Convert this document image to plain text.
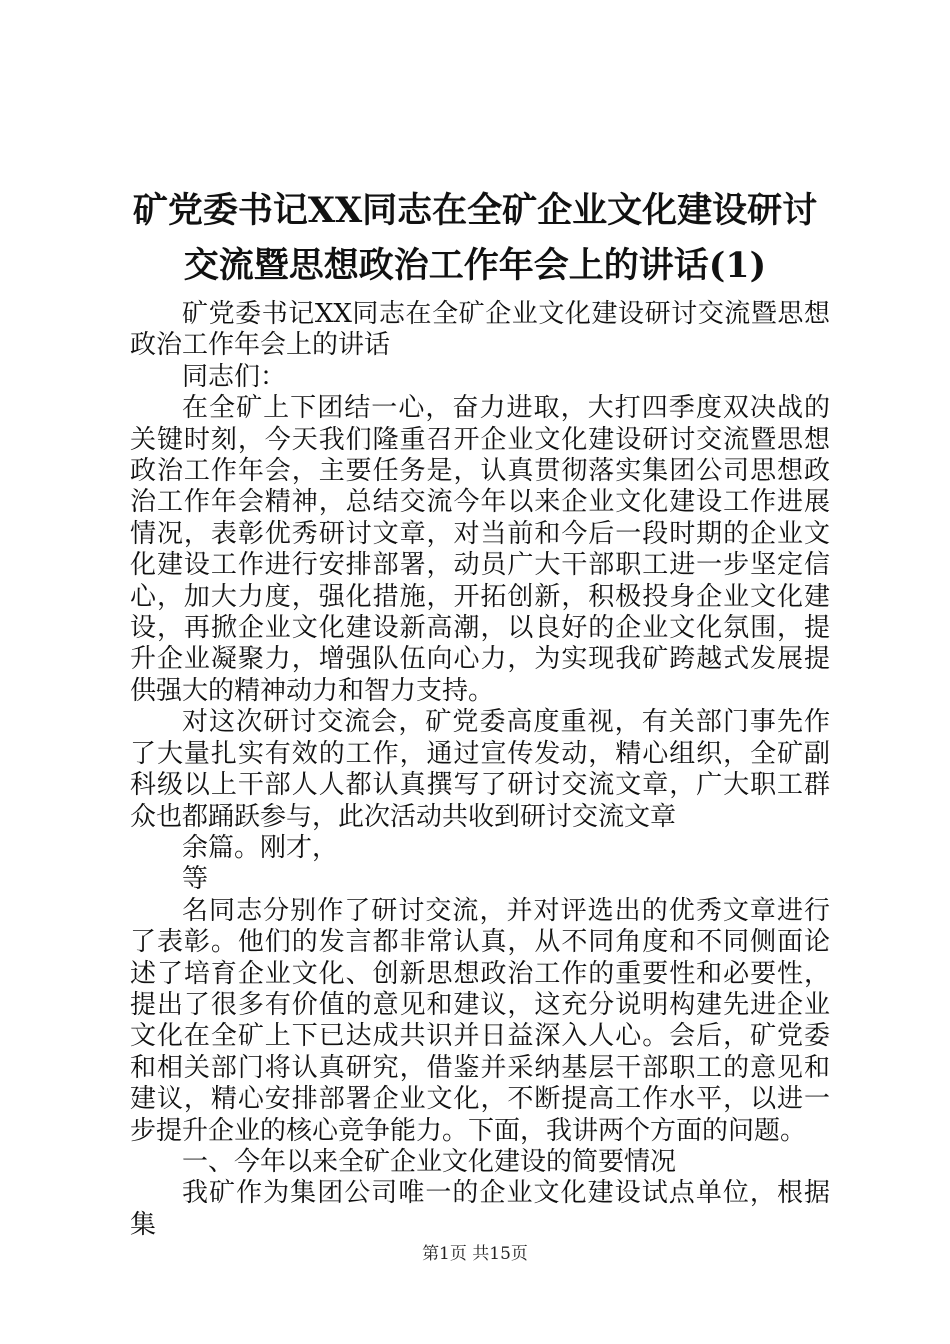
矿党委书记XX同志在全矿企业文化建设研讨
交流暨思想政治工作年会上的讲话(1)

矿党委书记XX同志在全矿企业文化建设研讨交流暨思想政治工作年会上的讲话

同志们：

在全矿上下团结一心，奋力进取，大打四季度双决战的关键时刻，今天我们隆重召开企业文化建设研讨交流暨思想政治工作年会，主要任务是，认真贯彻落实集团公司思想政治工作年会精神，总结交流今年以来企业文化建设工作进展情况，表彰优秀研讨文章，对当前和今后一段时期的企业文化建设工作进行安排部署，动员广大干部职工进一步坚定信心，加大力度，强化措施，开拓创新，积极投身企业文化建设，再掀企业文化建设新高潮，以良好的企业文化氛围，提升企业凝聚力，增强队伍向心力，为实现我矿跨越式发展提供强大的精神动力和智力支持。

对这次研讨交流会，矿党委高度重视，有关部门事先作了大量扎实有效的工作，通过宣传发动，精心组织，全矿副科级以上干部人人都认真撰写了研讨交流文章，广大职工群众也都踊跃参与，此次活动共收到研讨交流文章

余篇。刚才，

等

名同志分别作了研讨交流，并对评选出的优秀文章进行了表彰。他们的发言都非常认真，从不同角度和不同侧面论述了培育企业文化、创新思想政治工作的重要性和必要性，提出了很多有价值的意见和建议，这充分说明构建先进企业文化在全矿上下已达成共识并日益深入人心。会后，矿党委和相关部门将认真研究，借鉴并采纳基层干部职工的意见和建议，精心安排部署企业文化，不断提高工作水平，以进一步提升企业的核心竞争能力。下面，我讲两个方面的问题。

一、今年以来全矿企业文化建设的简要情况

我矿作为集团公司唯一的企业文化建设试点单位，根据集

第1页 共15页
